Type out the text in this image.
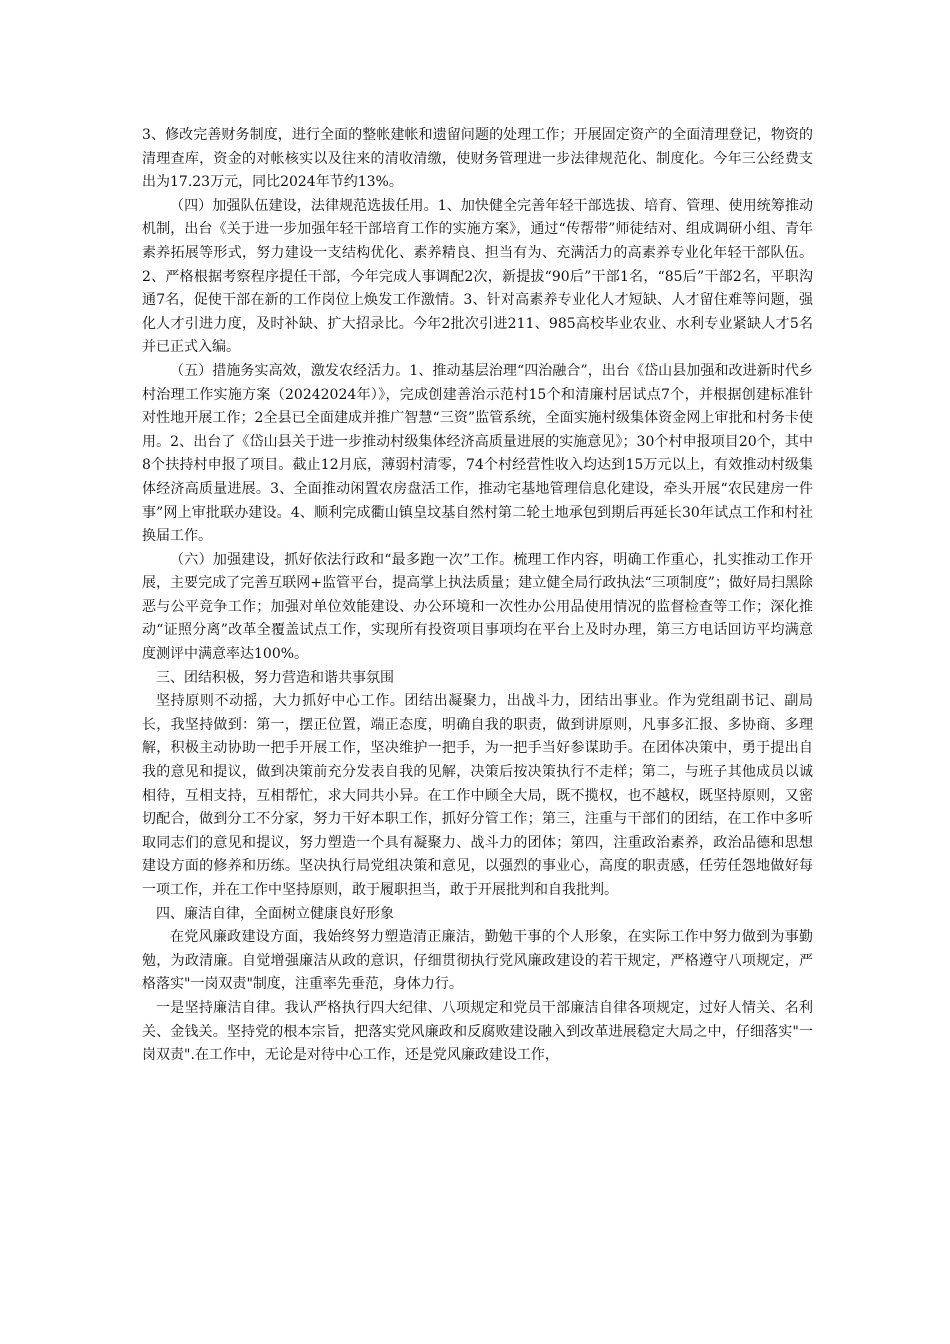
3、修改完善财务制度，进行全面的整帐建帐和遗留问题的处理工作；开展固定资产的全面清理登记，物资的清理查库，资金的对帐核实以及往来的清收清缴，使财务管理进一步法律规范化、制度化。今年三公经费支出为17.23万元，同比2024年节约13%。

（四）加强队伍建设，法律规范选拔任用。1、加快健全完善年轻干部选拔、培育、管理、使用统筹推动机制，出台《关于进一步加强年轻干部培育工作的实施方案》，通过“传帮带”师徒结对、组成调研小组、青年素养拓展等形式，努力建设一支结构优化、素养精良、担当有为、充满活力的高素养专业化年轻干部队伍。2、严格根据考察程序提任干部，今年完成人事调配2次，新提拔“90后”干部1名，“85后”干部2名，平职沟通7名，促使干部在新的工作岗位上焕发工作激情。3、针对高素养专业化人才短缺、人才留住难等问题，强化人才引进力度，及时补缺、扩大招录比。今年2批次引进211、985高校毕业农业、水利专业紧缺人才5名并已正式入编。

（五）措施务实高效，激发农经活力。1、推动基层治理“四治融合”，出台《岱山县加强和改进新时代乡村治理工作实施方案（20242024年）》，完成创建善治示范村15个和清廉村居试点7个，并根据创建标准针对性地开展工作；2全县已全面建成并推广智慧“三资”监管系统，全面实施村级集体资金网上审批和村务卡使用。2、出台了《岱山县关于进一步推动村级集体经济高质量进展的实施意见》；30个村申报项目20个，其中8个扶持村申报了项目。截止12月底，薄弱村清零，74个村经营性收入均达到15万元以上，有效推动村级集体经济高质量进展。3、全面推动闲置农房盘活工作，推动宅基地管理信息化建设，牵头开展“农民建房一件事”网上审批联办建设。4、顺利完成衢山镇皇坟基自然村第二轮土地承包到期后再延长30年试点工作和村社换届工作。

（六）加强建设，抓好依法行政和“最多跑一次”工作。梳理工作内容，明确工作重心，扎实推动工作开展，主要完成了完善互联网+监管平台，提高掌上执法质量；建立健全局行政执法“三项制度”；做好局扫黑除恶与公平竞争工作；加强对单位效能建设、办公环境和一次性办公用品使用情况的监督检查等工作；深化推动“证照分离”改革全覆盖试点工作，实现所有投资项目事项均在平台上及时办理，第三方电话回访平均满意度测评中满意率达100%。

三、团结积极，努力营造和谐共事氛围

坚持原则不动摇，大力抓好中心工作。团结出凝聚力，出战斗力，团结出事业。作为党组副书记、副局长，我坚持做到：第一，摆正位置，端正态度，明确自我的职责，做到讲原则，凡事多汇报、多协商、多理解，积极主动协助一把手开展工作，坚决维护一把手，为一把手当好参谋助手。在团体决策中，勇于提出自我的意见和提议，做到决策前充分发表自我的见解，决策后按决策执行不走样；第二，与班子其他成员以诚相待，互相支持，互相帮忙，求大同共小异。在工作中顾全大局，既不揽权，也不越权，既坚持原则，又密切配合，做到分工不分家，努力干好本职工作，抓好分管工作；第三，注重与干部们的团结，在工作中多听取同志们的意见和提议，努力塑造一个具有凝聚力、战斗力的团体；第四，注重政治素养，政治品德和思想建设方面的修养和历练。坚决执行局党组决策和意见，以强烈的事业心，高度的职责感，任劳任怨地做好每一项工作，并在工作中坚持原则，敢于履职担当，敢于开展批判和自我批判。

四、廉洁自律，全面树立健康良好形象

在党风廉政建设方面，我始终努力塑造清正廉洁，勤勉干事的个人形象，在实际工作中努力做到为事勤勉，为政清廉。自觉增强廉洁从政的意识，仔细贯彻执行党风廉政建设的若干规定，严格遵守八项规定，严格落实"一岗双责"制度，注重率先垂范，身体力行。

一是坚持廉洁自律。我认严格执行四大纪律、八项规定和党员干部廉洁自律各项规定，过好人情关、名利关、金钱关。坚持党的根本宗旨，把落实党风廉政和反腐败建设融入到改革进展稳定大局之中，仔细落实"一岗双责".在工作中，无论是对待中心工作，还是党风廉政建设工作，
